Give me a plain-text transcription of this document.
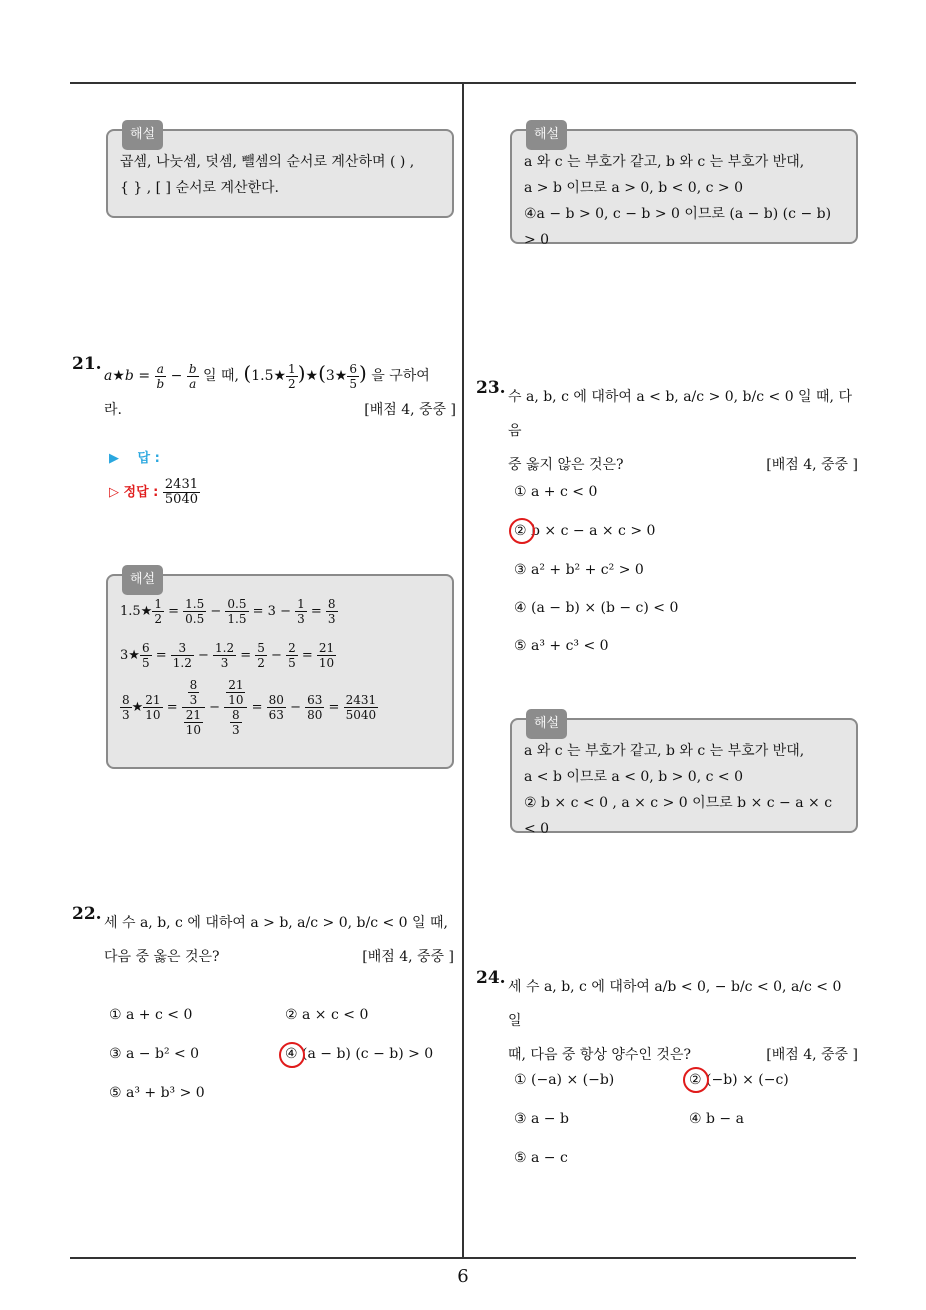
해설
곱셈, 나눗셈, 덧셈, 뺄셈의 순서로 계산하며 ( ) ,
{ } , [ ] 순서로 계산한다.
21.
a★b = $\frac{a}{b} - \frac{b}{a}$ 일 때, (1.5★ $\frac{1}{2}$ )★(3★ $\frac{6}{5}$ ) 을 구하여
라.	[배점 4, 중중 ]
▶ 답 :
▷ 정답 : $\frac{2431}{5040}$
해설
1.5★ $\frac{1}{2} = \frac{1.5}{0.5} - \frac{0.5}{1.5} = 3 - \frac{1}{3} = \frac{8}{3}$
3★ $\frac{6}{5} = \frac{3}{1.2} - \frac{1.2}{3} = \frac{5}{2} - \frac{2}{5} = \frac{21}{10}$
$\frac{8}{3}$ ★ $\frac{21}{10} = \frac{\frac{8}{3}}{\frac{21}{10}} - \frac{\frac{21}{10}}{\frac{8}{3}} = \frac{80}{63} - \frac{63}{80} = \frac{2431}{5040}$
22. 세 수 a, b, c 에 대하여 a > b, a/c > 0, b/c < 0 일 때,
다음 중 옳은 것은?	[배점 4, 중중 ]
① a + c < 0	② a × c < 0
③ a − b² < 0	④ (a − b) (c − b) > 0
⑤ a³ + b³ > 0
해설
a 와 c 는 부호가 같고, b 와 c 는 부호가 반대,
a > b 이므로 a > 0, b < 0, c > 0
④a − b > 0, c − b > 0 이므로 (a − b) (c − b) > 0
23. 수 a, b, c 에 대하여 a < b, a/c > 0, b/c < 0 일 때, 다음
중 옳지 않은 것은?	[배점 4, 중중 ]
① a + c < 0
② b × c − a × c > 0
③ a² + b² + c² > 0
④ (a − b) × (b − c) < 0
⑤ a³ + c³ < 0
해설
a 와 c 는 부호가 같고, b 와 c 는 부호가 반대,
a < b 이므로 a < 0, b > 0, c < 0
② b × c < 0 , a × c > 0 이므로 b × c − a × c < 0
24. 세 수 a, b, c 에 대하여 a/b < 0, − b/c < 0, a/c < 0 일
때, 다음 중 항상 양수인 것은?	[배점 4, 중중 ]
① (−a) × (−b)	② (−b) × (−c)
③ a − b	④ b − a
⑤ a − c
6
